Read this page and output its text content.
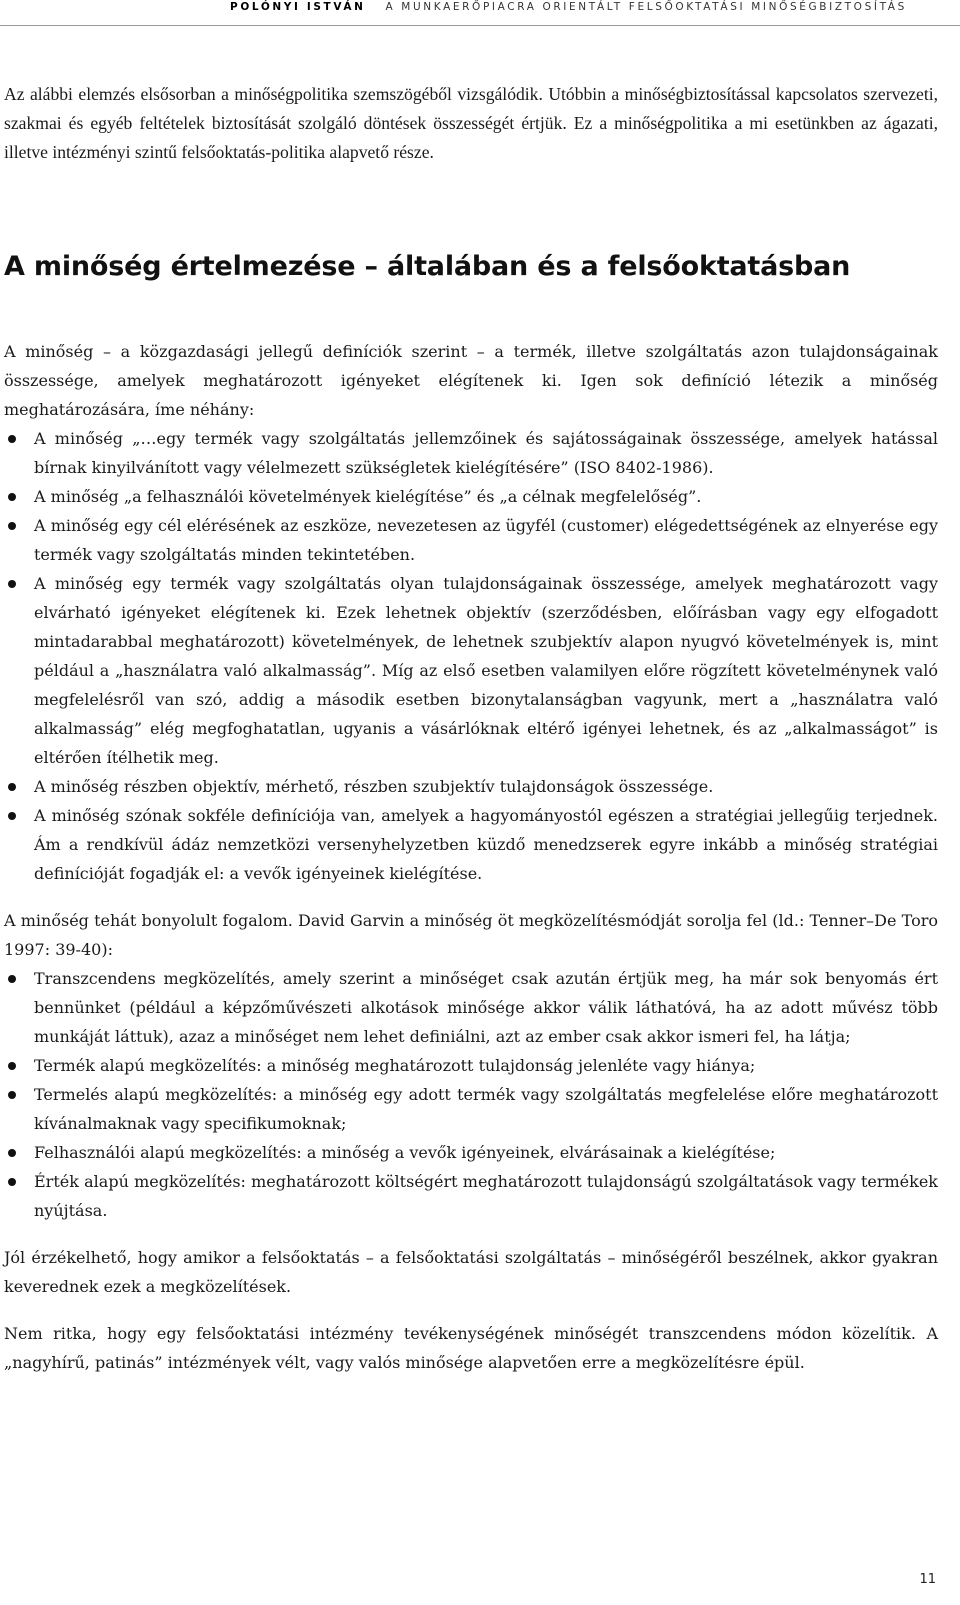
POLÓNYI ISTVÁN A MUNKAERŐPIACRA ORIENTÁLT FELSŐOKTATÁSI MINŐSÉGBIZTOSÍTÁS

Az alábbi elemzés elsősorban a minőségpolitika szemszögéből vizsgálódik. Utóbbin a minőségbiztosítással kapcsolatos szervezeti, szakmai és egyéb feltételek biztosítását szolgáló döntések összességét értjük. Ez a minőségpolitika a mi esetünkben az ágazati, illetve intézményi szintű felsőoktatás-politika alapvető része.

A minőség értelmezése – általában és a felsőoktatásban

A minőség – a közgazdasági jellegű definíciók szerint – a termék, illetve szolgáltatás azon tulajdonságainak összessége, amelyek meghatározott igényeket elégítenek ki. Igen sok definíció létezik a minőség meghatározására, íme néhány:

A minőség „…egy termék vagy szolgáltatás jellemzőinek és sajátosságainak összessége, amelyek hatással bírnak kinyilvánított vagy vélelmezett szükségletek kielégítésére” (ISO 8402-1986).
A minőség „a felhasználói követelmények kielégítése” és „a célnak megfelelőség”.
A minőség egy cél elérésének az eszköze, nevezetesen az ügyfél (customer) elégedettségének az elnyerése egy termék vagy szolgáltatás minden tekintetében.
A minőség egy termék vagy szolgáltatás olyan tulajdonságainak összessége, amelyek meghatározott vagy elvárható igényeket elégítenek ki. Ezek lehetnek objektív (szerződésben, előírásban vagy egy elfogadott mintadarabbal meghatározott) követelmények, de lehetnek szubjektív alapon nyugvó követelmények is, mint például a „használatra való alkalmasság”. Míg az első esetben valamilyen előre rögzített követelménynek való megfelelésről van szó, addig a második esetben bizonytalanságban vagyunk, mert a „használatra való alkalmasság” elég megfoghatatlan, ugyanis a vásárlóknak eltérő igényei lehetnek, és az „alkalmasságot” is eltérően ítélhetik meg.
A minőség részben objektív, mérhető, részben szubjektív tulajdonságok összessége.
A minőség szónak sokféle definíciója van, amelyek a hagyományostól egészen a stratégiai jellegűig terjednek. Ám a rendkívül ádáz nemzetközi versenyhelyzetben küzdő menedzserek egyre inkább a minőség stratégiai definícióját fogadják el: a vevők igényeinek kielégítése.

A minőség tehát bonyolult fogalom. David Garvin a minőség öt megközelítésmódját sorolja fel (ld.: Tenner–De Toro 1997: 39-40):

Transzcendens megközelítés, amely szerint a minőséget csak azután értjük meg, ha már sok benyomás ért bennünket (például a képzőművészeti alkotások minősége akkor válik láthatóvá, ha az adott művész több munkáját láttuk), azaz a minőséget nem lehet definiálni, azt az ember csak akkor ismeri fel, ha látja;
Termék alapú megközelítés: a minőség meghatározott tulajdonság jelenléte vagy hiánya;
Termelés alapú megközelítés: a minőség egy adott termék vagy szolgáltatás megfelelése előre meghatározott kívánalmaknak vagy specifikumoknak;
Felhasználói alapú megközelítés: a minőség a vevők igényeinek, elvárásainak a kielégítése;
Érték alapú megközelítés: meghatározott költségért meghatározott tulajdonságú szolgáltatások vagy termékek nyújtása.

Jól érzékelhető, hogy amikor a felsőoktatás – a felsőoktatási szolgáltatás – minőségéről beszélnek, akkor gyakran keverednek ezek a megközelítések.

Nem ritka, hogy egy felsőoktatási intézmény tevékenységének minőségét transzcendens módon közelítik. A „nagyhírű, patinás” intézmények vélt, vagy valós minősége alapvetően erre a megközelítésre épül.

11
